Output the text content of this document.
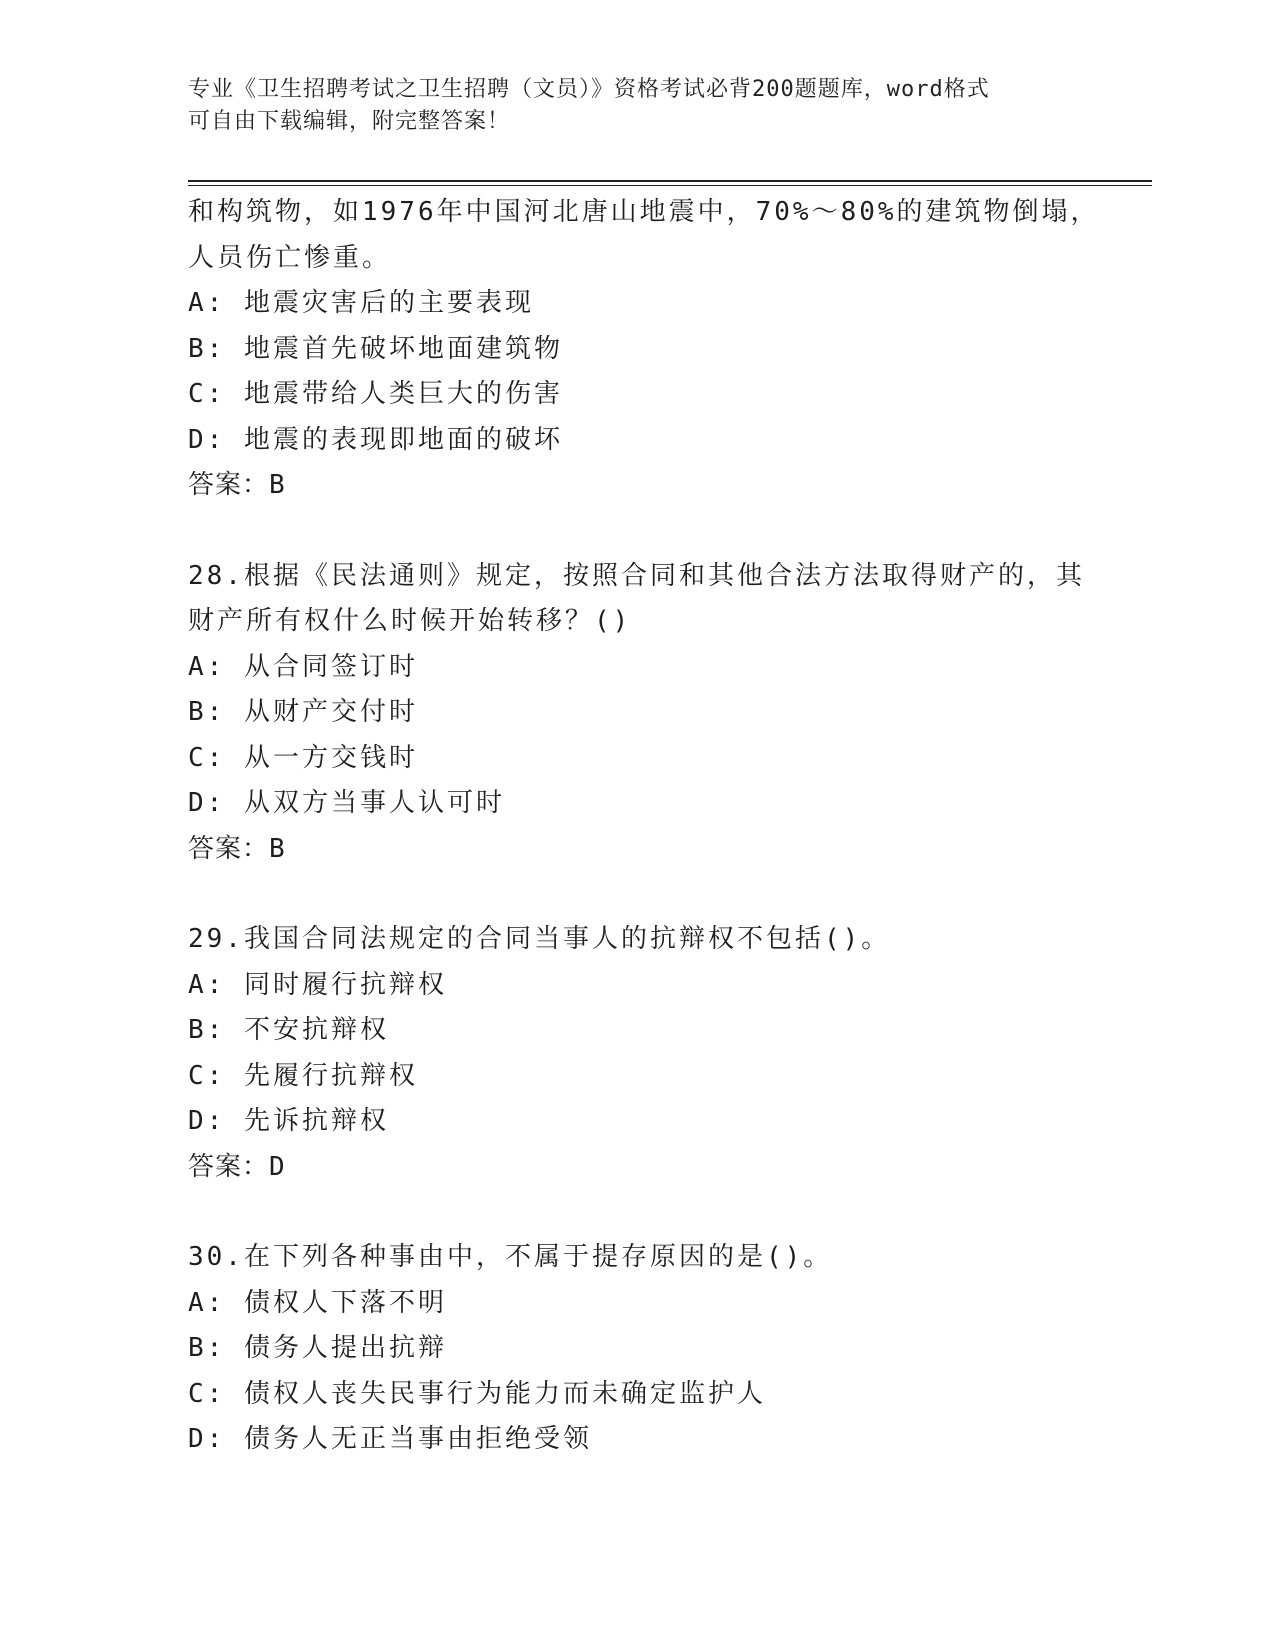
专业《卫生招聘考试之卫生招聘（文员）》资格考试必背200题题库，word格式
可自由下载编辑，附完整答案！
和构筑物，如1976年中国河北唐山地震中，70%～80%的建筑物倒塌，
人员伤亡惨重。
A: 地震灾害后的主要表现
B: 地震首先破坏地面建筑物
C: 地震带给人类巨大的伤害
D: 地震的表现即地面的破坏
答案：B
28.根据《民法通则》规定，按照合同和其他合法方法取得财产的，其
财产所有权什么时候开始转移？()
A: 从合同签订时
B: 从财产交付时
C: 从一方交钱时
D: 从双方当事人认可时
答案：B
29.我国合同法规定的合同当事人的抗辩权不包括()。
A: 同时履行抗辩权
B: 不安抗辩权
C: 先履行抗辩权
D: 先诉抗辩权
答案：D
30.在下列各种事由中，不属于提存原因的是()。
A: 债权人下落不明
B: 债务人提出抗辩
C: 债权人丧失民事行为能力而未确定监护人
D: 债务人无正当事由拒绝受领
